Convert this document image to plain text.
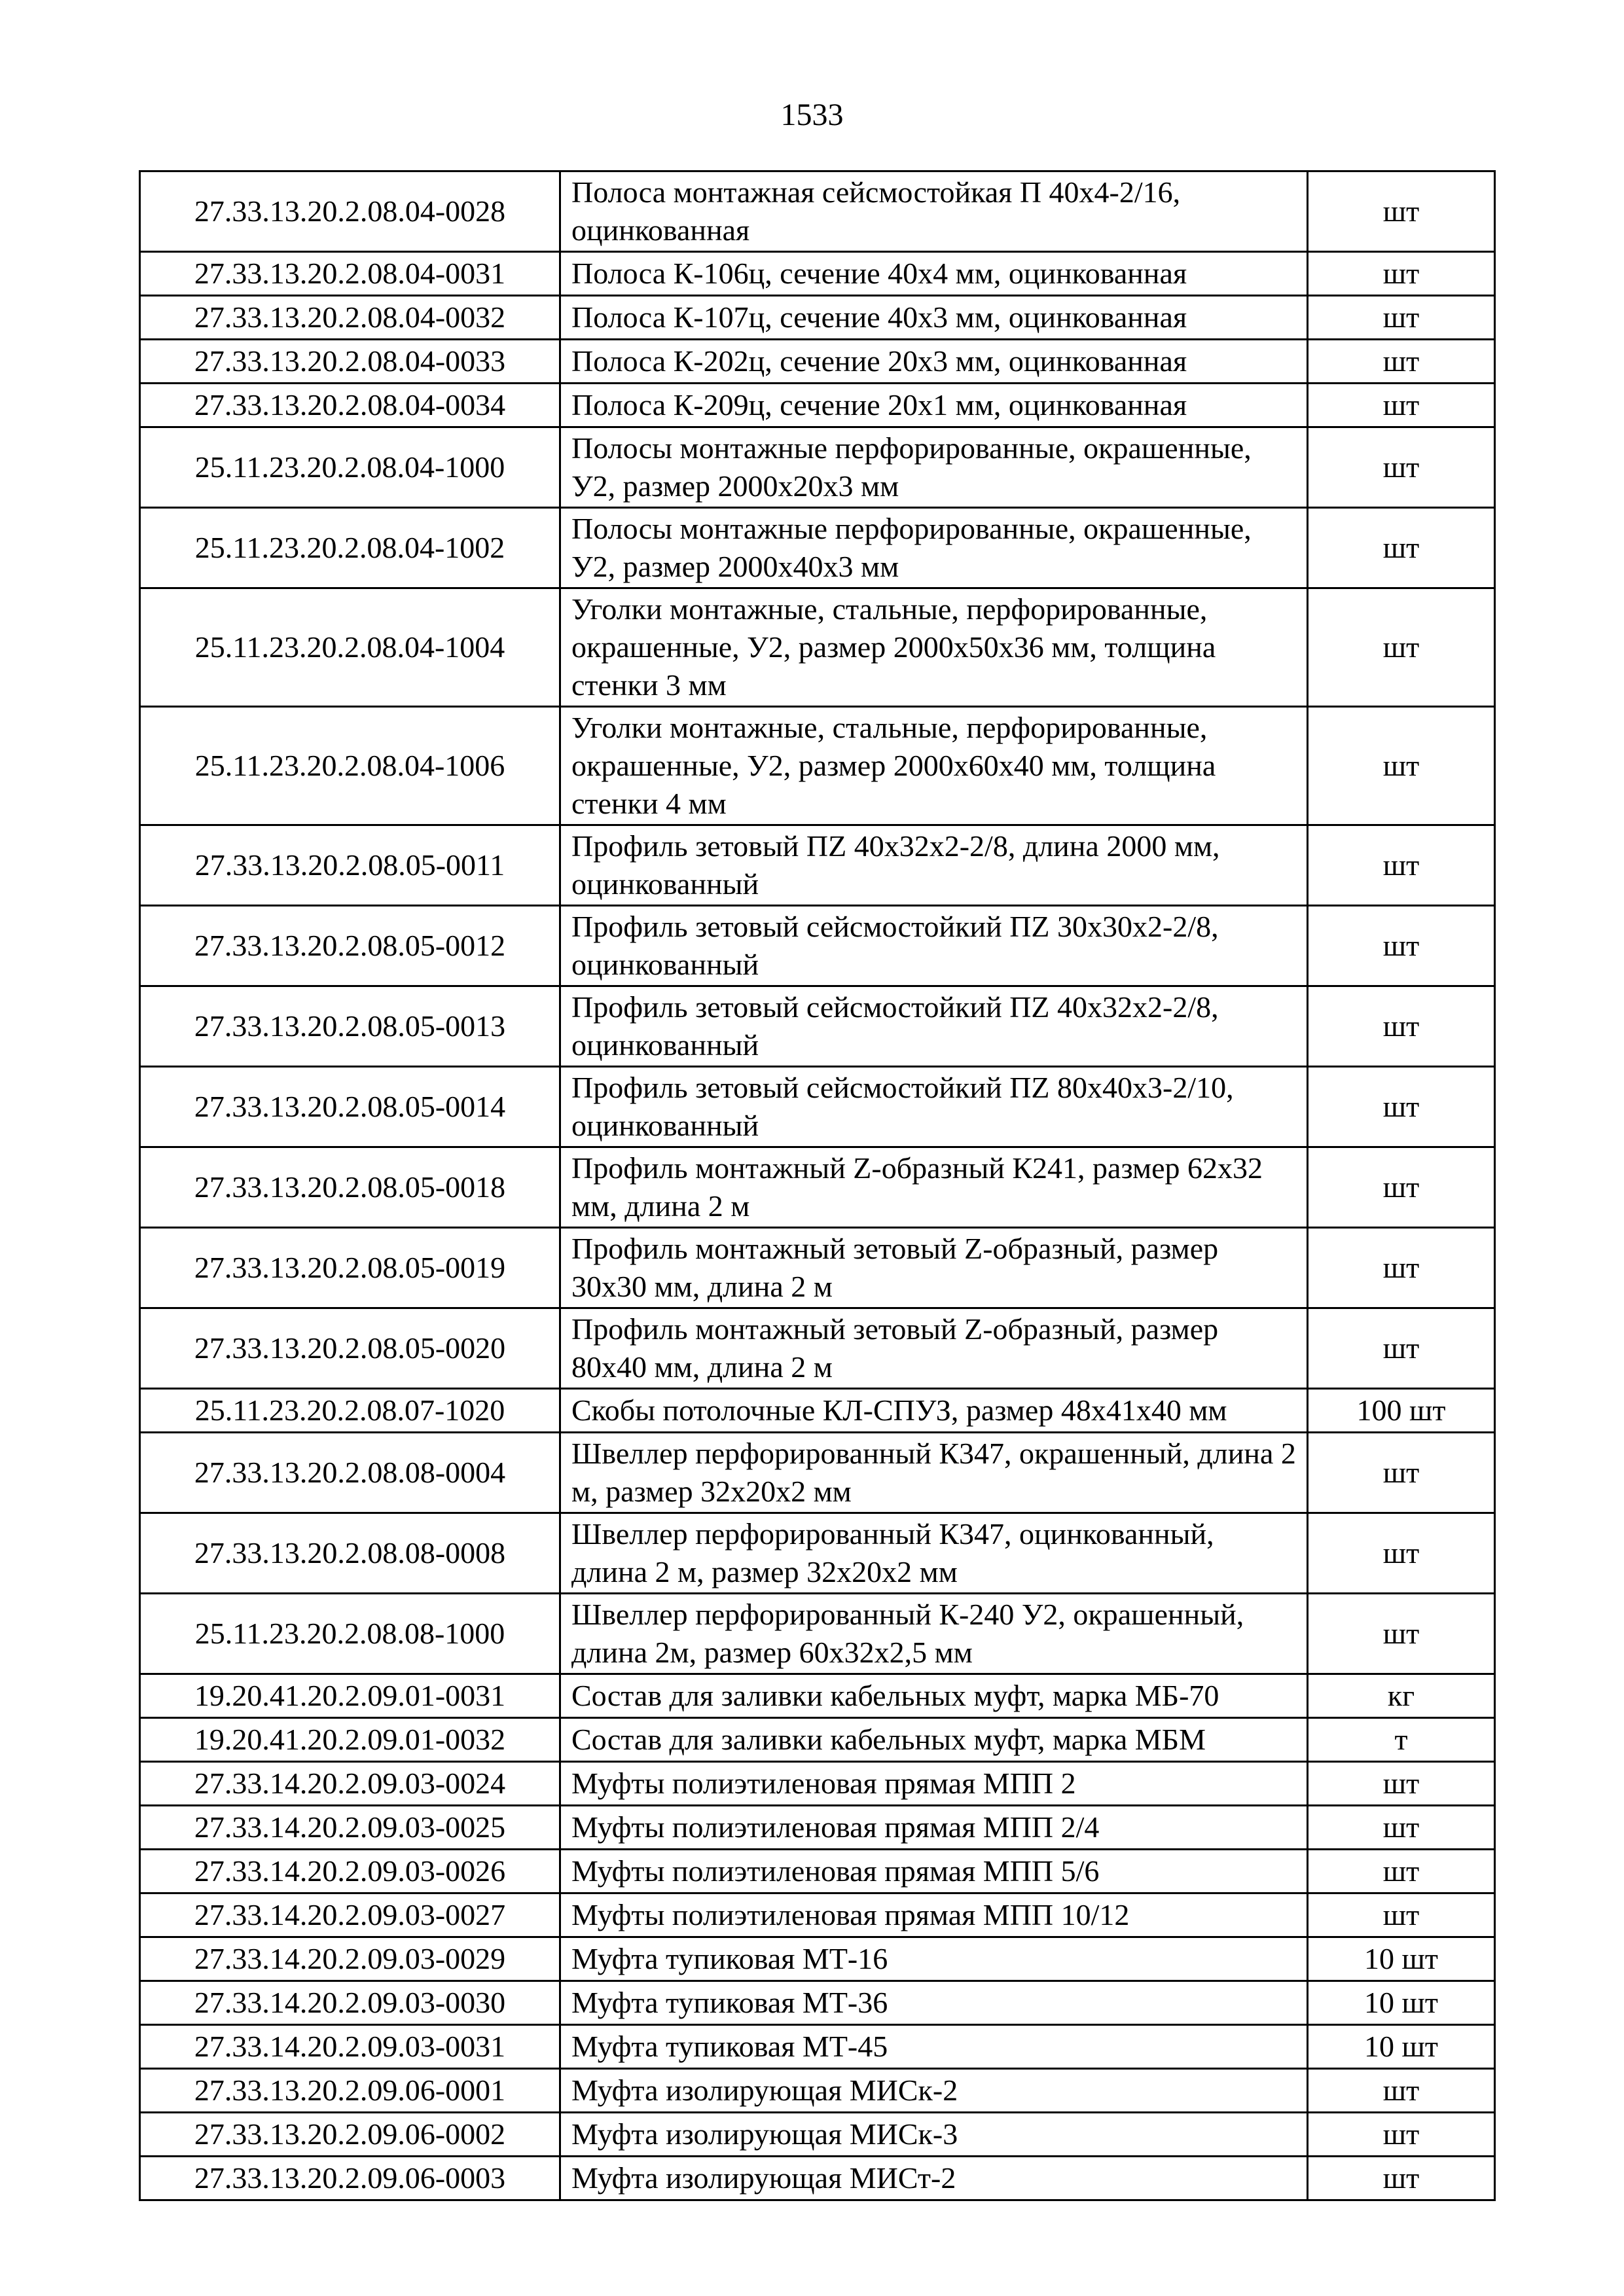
1533
27.33.13.20.2.08.04-0028	Полоса монтажная сейсмостойкая П 40х4-2/16, оцинкованная	шт
27.33.13.20.2.08.04-0031	Полоса К-106ц, сечение 40х4 мм, оцинкованная	шт
27.33.13.20.2.08.04-0032	Полоса К-107ц, сечение 40х3 мм, оцинкованная	шт
27.33.13.20.2.08.04-0033	Полоса К-202ц, сечение 20х3 мм, оцинкованная	шт
27.33.13.20.2.08.04-0034	Полоса К-209ц, сечение 20х1 мм, оцинкованная	шт
25.11.23.20.2.08.04-1000	Полосы монтажные перфорированные, окрашенные, У2, размер 2000х20х3 мм	шт
25.11.23.20.2.08.04-1002	Полосы монтажные перфорированные, окрашенные, У2, размер 2000х40х3 мм	шт
25.11.23.20.2.08.04-1004	Уголки монтажные, стальные, перфорированные, окрашенные, У2, размер 2000х50х36 мм, толщина стенки 3 мм	шт
25.11.23.20.2.08.04-1006	Уголки монтажные, стальные, перфорированные, окрашенные, У2, размер 2000х60х40 мм, толщина стенки 4 мм	шт
27.33.13.20.2.08.05-0011	Профиль зетовый ПZ 40х32х2-2/8, длина 2000 мм, оцинкованный	шт
27.33.13.20.2.08.05-0012	Профиль зетовый сейсмостойкий ПZ 30х30х2-2/8, оцинкованный	шт
27.33.13.20.2.08.05-0013	Профиль зетовый сейсмостойкий ПZ 40х32х2-2/8, оцинкованный	шт
27.33.13.20.2.08.05-0014	Профиль зетовый сейсмостойкий ПZ 80х40х3-2/10, оцинкованный	шт
27.33.13.20.2.08.05-0018	Профиль монтажный Z-образный К241, размер 62х32 мм, длина 2 м	шт
27.33.13.20.2.08.05-0019	Профиль монтажный зетовый Z-образный, размер 30х30 мм, длина 2 м	шт
27.33.13.20.2.08.05-0020	Профиль монтажный зетовый Z-образный, размер 80х40 мм, длина 2 м	шт
25.11.23.20.2.08.07-1020	Скобы потолочные КЛ-СПУЗ, размер 48х41х40 мм	100 шт
27.33.13.20.2.08.08-0004	Швеллер перфорированный К347, окрашенный, длина 2 м, размер 32х20х2 мм	шт
27.33.13.20.2.08.08-0008	Швеллер перфорированный К347, оцинкованный, длина 2 м, размер 32х20х2 мм	шт
25.11.23.20.2.08.08-1000	Швеллер перфорированный К-240 У2, окрашенный, длина 2м, размер 60х32х2,5 мм	шт
19.20.41.20.2.09.01-0031	Состав для заливки кабельных муфт, марка МБ-70	кг
19.20.41.20.2.09.01-0032	Состав для заливки кабельных муфт, марка МБМ	т
27.33.14.20.2.09.03-0024	Муфты полиэтиленовая прямая МПП 2	шт
27.33.14.20.2.09.03-0025	Муфты полиэтиленовая прямая МПП 2/4	шт
27.33.14.20.2.09.03-0026	Муфты полиэтиленовая прямая МПП 5/6	шт
27.33.14.20.2.09.03-0027	Муфты полиэтиленовая прямая МПП 10/12	шт
27.33.14.20.2.09.03-0029	Муфта тупиковая МТ-16	10 шт
27.33.14.20.2.09.03-0030	Муфта тупиковая МТ-36	10 шт
27.33.14.20.2.09.03-0031	Муфта тупиковая МТ-45	10 шт
27.33.13.20.2.09.06-0001	Муфта изолирующая МИСк-2	шт
27.33.13.20.2.09.06-0002	Муфта изолирующая МИСк-3	шт
27.33.13.20.2.09.06-0003	Муфта изолирующая МИСт-2	шт
